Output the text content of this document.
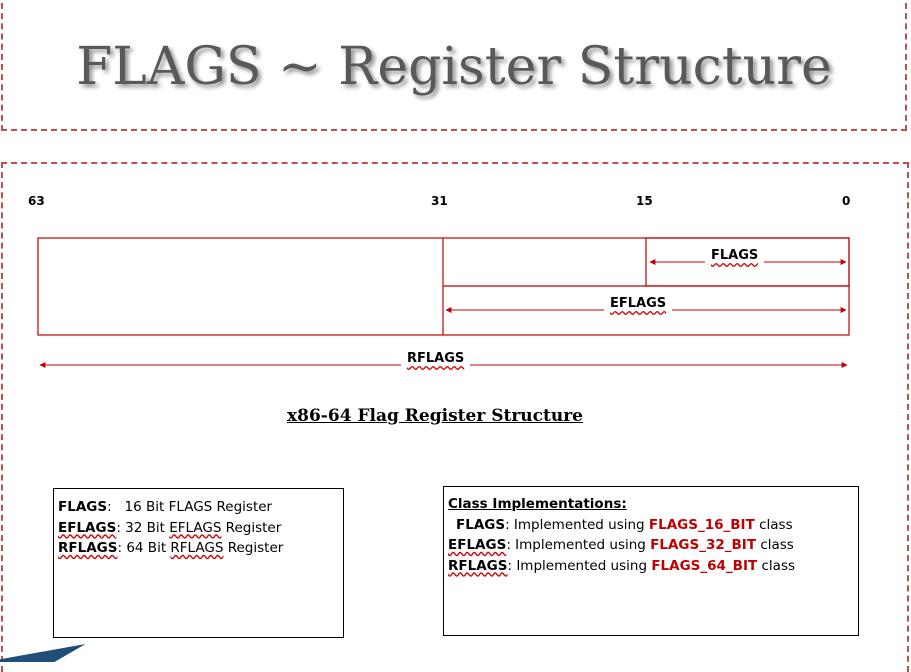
FLAGS ~ Register Structure
63	31	15	0
FLAGS
EFLAGS
RFLAGS
x86-64 Flag Register Structure
FLAGS:   16 Bit FLAGS Register
EFLAGS: 32 Bit EFLAGS Register
RFLAGS: 64 Bit RFLAGS Register
Class Implementations:
FLAGS: Implemented using FLAGS_16_BIT class
EFLAGS: Implemented using FLAGS_32_BIT class
RFLAGS: Implemented using FLAGS_64_BIT class
